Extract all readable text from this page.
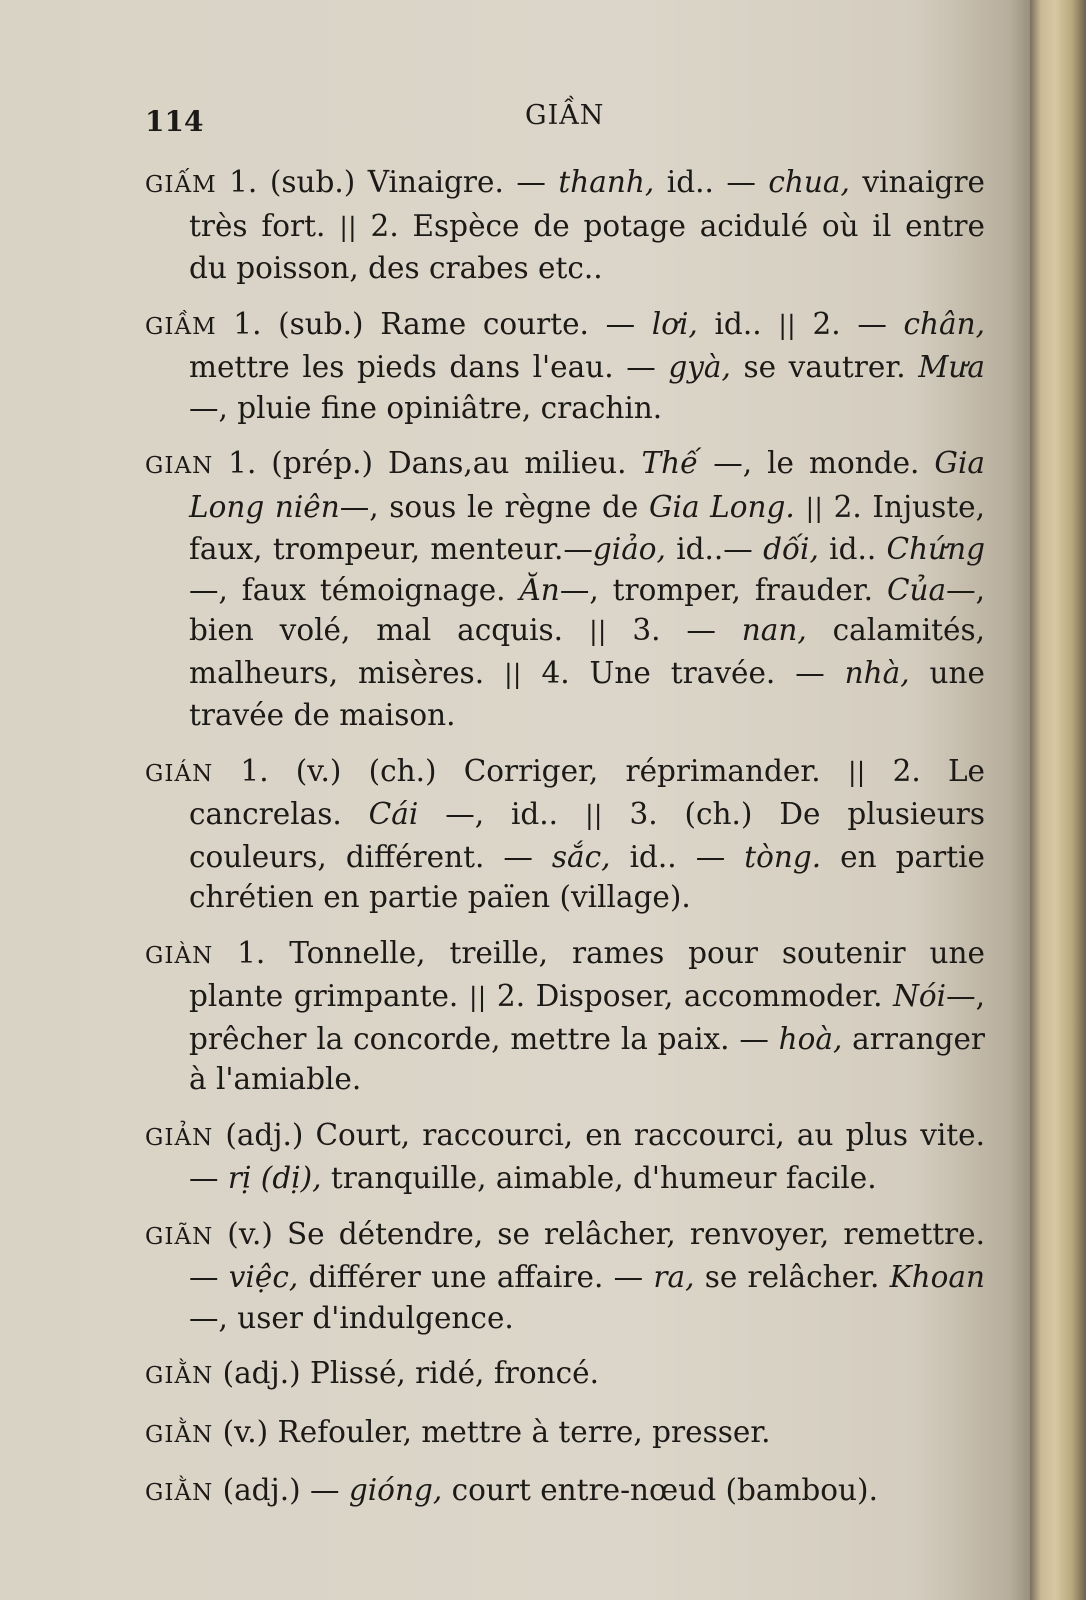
114	GIẦN
GIẤM 1. (sub.) Vinaigre. — thanh, id.. — chua, vinaigre très fort. || 2. Espèce de potage acidulé où il entre du poisson, des crabes etc..
GIẦM 1. (sub.) Rame courte. — lơi, id.. || 2. — chân, mettre les pieds dans l'eau. — gyà, se vautrer. Mưa —, pluie fine opiniâtre, crachin.
GIAN 1. (prép.) Dans,au milieu. Thế —, le monde. Gia Long niên—, sous le règne de Gia Long. || 2. Injuste, faux, trompeur, menteur.—giảo, id..— dối, id.. Chứng—, faux témoignage. Ăn—, tromper, frauder. Của—, bien volé, mal acquis. || 3. — nan, calamités, malheurs, misères. || 4. Une travée. — nhà, une travée de maison.
GIÁN 1. (v.) (ch.) Corriger, réprimander. || 2. Le cancrelas. Cái —, id.. || 3. (ch.) De plusieurs couleurs, différent. — sắc, id.. — tòng. en partie chrétien en partie païen (village).
GIÀN 1. Tonnelle, treille, rames pour soutenir une plante grimpante. || 2. Disposer, accommoder. Nói—, prêcher la concorde, mettre la paix. — hoà, arranger à l'amiable.
GIẢN (adj.) Court, raccourci, en raccourci, au plus vite. — rị (dị), tranquille, aimable, d'humeur facile.
GIÃN (v.) Se détendre, se relâcher, renvoyer, remettre. — việc, différer une affaire. — ra, se relâcher. Khoan—, user d'indulgence.
GIẰN (adj.) Plissé, ridé, froncé.
GIẰN (v.) Refouler, mettre à terre, presser.
GIẰN (adj.) — gióng, court entre-nœud (bambou).
